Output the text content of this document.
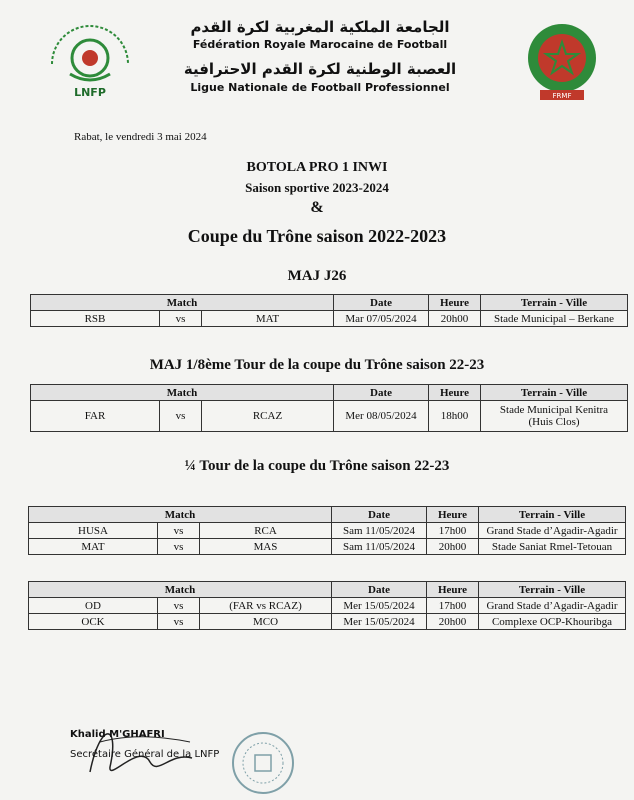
LNFP
الجامعة الملكية المغربية لكرة القدم
Fédération Royale Marocaine de Football
العصبة الوطنية لكرة القدم الاحترافية
Ligue Nationale de Football Professionnel
FRMF
Rabat, le vendredi 3 mai 2024
BOTOLA PRO 1 INWI
Saison sportive 2023-2024
&
Coupe du Trône saison 2022-2023
MAJ J26
Match			Date	Heure	Terrain - Ville
RSB	vs	MAT	Mar 07/05/2024	20h00	Stade Municipal – Berkane
MAJ 1/8ème Tour de la coupe du Trône saison 22-23
Match			Date	Heure	Terrain - Ville
FAR	vs	RCAZ	Mer 08/05/2024	18h00	Stade Municipal Kenitra
(Huis Clos)
¼ Tour de la coupe du Trône saison 22-23
Match			Date	Heure	Terrain - Ville
HUSA	vs	RCA	Sam 11/05/2024	17h00	Grand Stade d’Agadir-Agadir
MAT	vs	MAS	Sam 11/05/2024	20h00	Stade Saniat Rmel-Tetouan
Match			Date	Heure	Terrain - Ville
OD	vs	(FAR vs RCAZ)	Mer 15/05/2024	17h00	Grand Stade d’Agadir-Agadir
OCK	vs	MCO	Mer 15/05/2024	20h00	Complexe OCP-Khouribga
Khalid M'GHAFRI
Secrétaire Général de la LNFP
